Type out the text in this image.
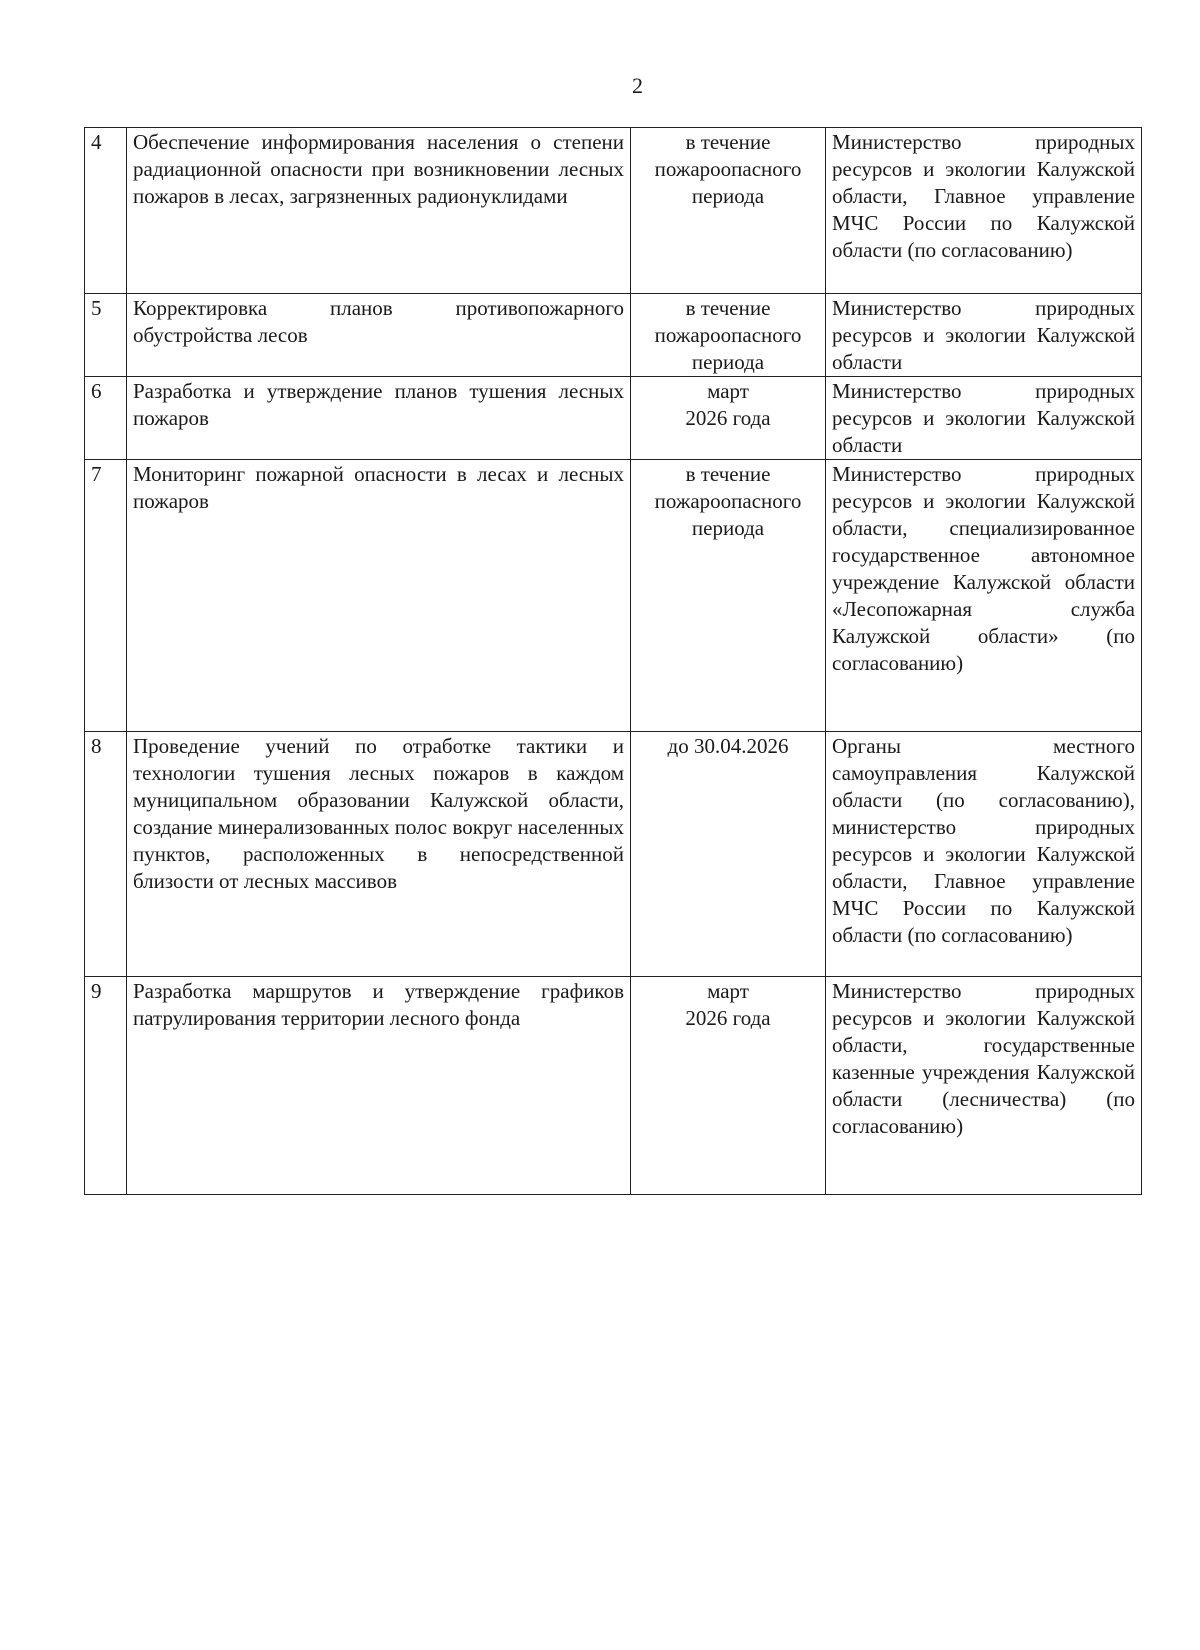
2
4	Обеспечение информирования населения о степени радиационной опасности при возникновении лесных пожаров в лесах, загрязненных радионуклидами	в течение
пожароопасного
периода	Министерство природных ресурсов и экологии Калужской области, Главное управление МЧС России по Калужской области (по согласованию)
5	Корректировка планов противопожарного обустройства лесов	в течение
пожароопасного
периода	Министерство природных ресурсов и экологии Калужской области
6	Разработка и утверждение планов тушения лесных пожаров	март
2026 года	Министерство природных ресурсов и экологии Калужской области
7	Мониторинг пожарной опасности в лесах и лесных пожаров	в течение
пожароопасного
периода	Министерство природных ресурсов и экологии Калужской области, специализированное государственное автономное учреждение Калужской области «Лесопожарная служба Калужской области» (по согласованию)
8	Проведение учений по отработке тактики и технологии тушения лесных пожаров в каждом муниципальном образовании Калужской области, создание минерализованных полос вокруг населенных пунктов, расположенных в непосредственной близости от лесных массивов	до 30.04.2026	Органы местного самоуправления Калужской области (по согласованию), министерство природных ресурсов и экологии Калужской области, Главное управление МЧС России по Калужской области (по согласованию)
9	Разработка маршрутов и утверждение графиков патрулирования территории лесного фонда	март
2026 года	Министерство природных ресурсов и экологии Калужской области, государственные казенные учреждения Калужской области (лесничества) (по согласованию)
